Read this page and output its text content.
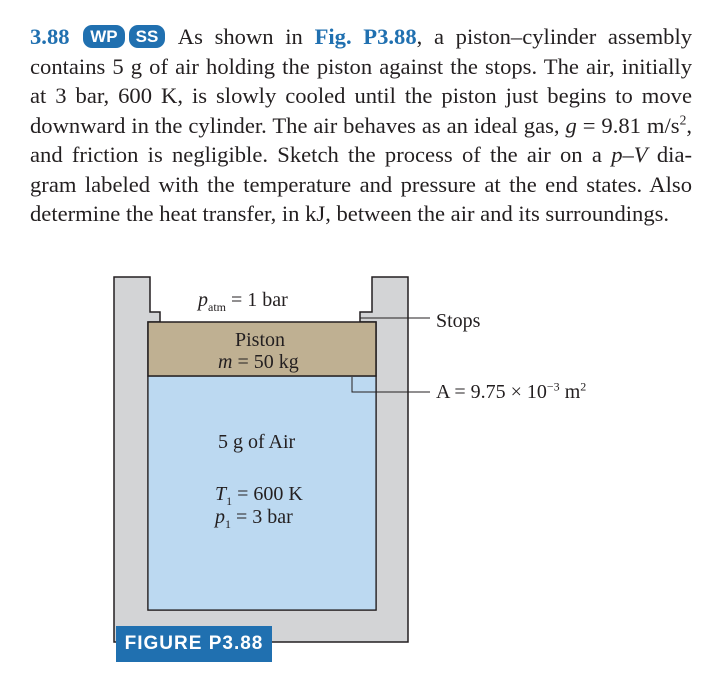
3.88 WP SS As shown in Fig. P3.88, a piston–cylinder assembly
contains 5 g of air holding the piston against the stops. The air, initially
at 3 bar, 600 K, is slowly cooled until the piston just begins to move
downward in the cylinder. The air behaves as an ideal gas, g = 9.81 $m/s^2$,
and friction is negligible. Sketch the process of the air on a p–V dia-
gram labeled with the temperature and pressure at the end states. Also
determine the heat transfer, in kJ, between the air and its surroundings.
$p_{atm} = 1$ bar
Piston
m = 50 kg
5 g of Air
$T_1 = 600$ K
$p_1 = 3$ bar
Stops
$A = 9.75 \times 10^{-3}$ $m^2$
FIGURE P3.88
